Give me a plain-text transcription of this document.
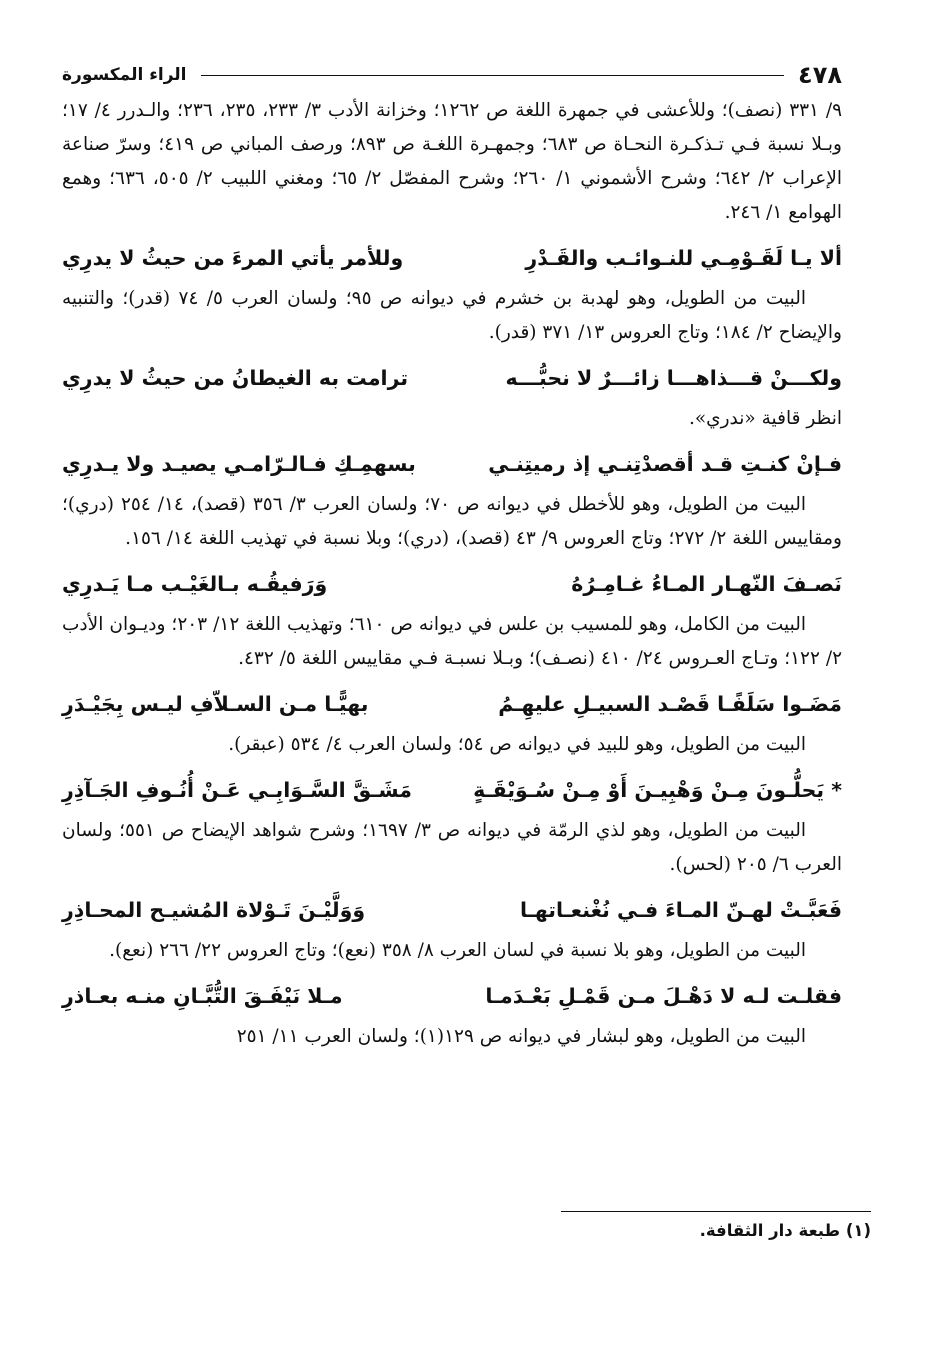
٤٧٨
الراء المكسورة

٩/ ٣٣١ (نصف)؛ وللأعشى في جمهرة اللغة ص ١٢٦٢؛ وخزانة الأدب ٣/ ٢٣٣، ٢٣٥، ٢٣٦؛ والـدرر ٤/ ١٧؛ وبـلا نسبة فـي تـذكـرة النحـاة ص ٦٨٣؛ وجمهـرة اللغـة ص ٨٩٣؛ ورصف المباني ص ٤١٩؛ وسرّ صناعة الإعراب ٢/ ٦٤٢؛ وشرح الأشموني ١/ ٢٦٠؛ وشرح المفصّل ٢/ ٦٥؛ ومغني اللبيب ٢/ ٥٠٥، ٦٣٦؛ وهمع الهوامع ١/ ٢٤٦.

ألا يـا لَقَـوْمِـي للنـوائـب والقَـدْرِ
وللأمر يأتي المرءَ من حيثُ لا يدرِي

البيت من الطويل، وهو لهدبة بن خشرم في ديوانه ص ٩٥؛ ولسان العرب ٥/ ٧٤ (قدر)؛ والتنبيه والإيضاح ٢/ ١٨٤؛ وتاج العروس ١٣/ ٣٧١ (قدر).

ولكـــنْ قـــذاهـــا زائـــرٌ لا نحبُّـــه
ترامت به الغيطانُ من حيثُ لا يدرِي

انظر قافية «ندري».

فـإنْ كنـتِ قـد أقصدْتِنـي إذ رميتِنـي
بسهمِـكِ فـالـرّامـي يصيـد ولا يـدرِي

البيت من الطويل، وهو للأخطل في ديوانه ص ٧٠؛ ولسان العرب ٣/ ٣٥٦ (قصد)، ١٤/ ٢٥٤ (دري)؛ ومقاييس اللغة ٢/ ٢٧٢؛ وتاج العروس ٩/ ٤٣ (قصد)، (دري)؛ وبلا نسبة في تهذيب اللغة ١٤/ ١٥٦.

نَصـفَ النّهـار المـاءُ غـامِـرُهُ
وَرَفيقُـه بـالغَيْـب مـا يَـدرِي

البيت من الكامل، وهو للمسيب بن علس في ديوانه ص ٦١٠؛ وتهذيب اللغة ١٢/ ٢٠٣؛ وديـوان الأدب ٢/ ١٢٢؛ وتـاج العـروس ٢٤/ ٤١٠ (نصـف)؛ وبـلا نسبـة فـي مقاييس اللغة ٥/ ٤٣٢.

مَضَـوا سَلَفًـا قَصْـد السبيـلِ عليهِـمُ
بهيًّـا مـن السـلاّفِ ليـس بِجَيْـدَرِ

البيت من الطويل، وهو للبيد في ديوانه ص ٥٤؛ ولسان العرب ٤/ ٥٣٤ (عبقر).

* يَحلُّـونَ مِـنْ وَهْبِيـنَ أَوْ مِـنْ سُـوَيْقَـةٍ
مَشَـقَّ السَّـوَابِـي عَـنْ أُنُـوفِ الجَـآذِرِ

البيت من الطويل، وهو لذي الرمّة في ديوانه ص ٣/ ١٦٩٧؛ وشرح شواهد الإيضاح ص ٥٥١؛ ولسان العرب ٦/ ٢٠٥ (لحس).

فَعَبَّـتْ لهـنّ المـاءَ فـي نُغْنعـاتهـا
وَوَلَّيْـنَ تَـوْلاة المُشيـح المحـاذِرِ

البيت من الطويل، وهو بلا نسبة في لسان العرب ٨/ ٣٥٨ (نعع)؛ وتاج العروس ٢٢/ ٢٦٦ (نعع).

فقلـت لـه لا دَهْـلَ مـن قَمْـلِ بَعْـدَمـا
مـلا نَيْفَـقَ التُّبَّـانِ منـه بعـاذرِ

البيت من الطويل، وهو لبشار في ديوانه ص ١٢٩(١)؛ ولسان العرب ١١/ ٢٥١

(١) طبعة دار الثقافة.
